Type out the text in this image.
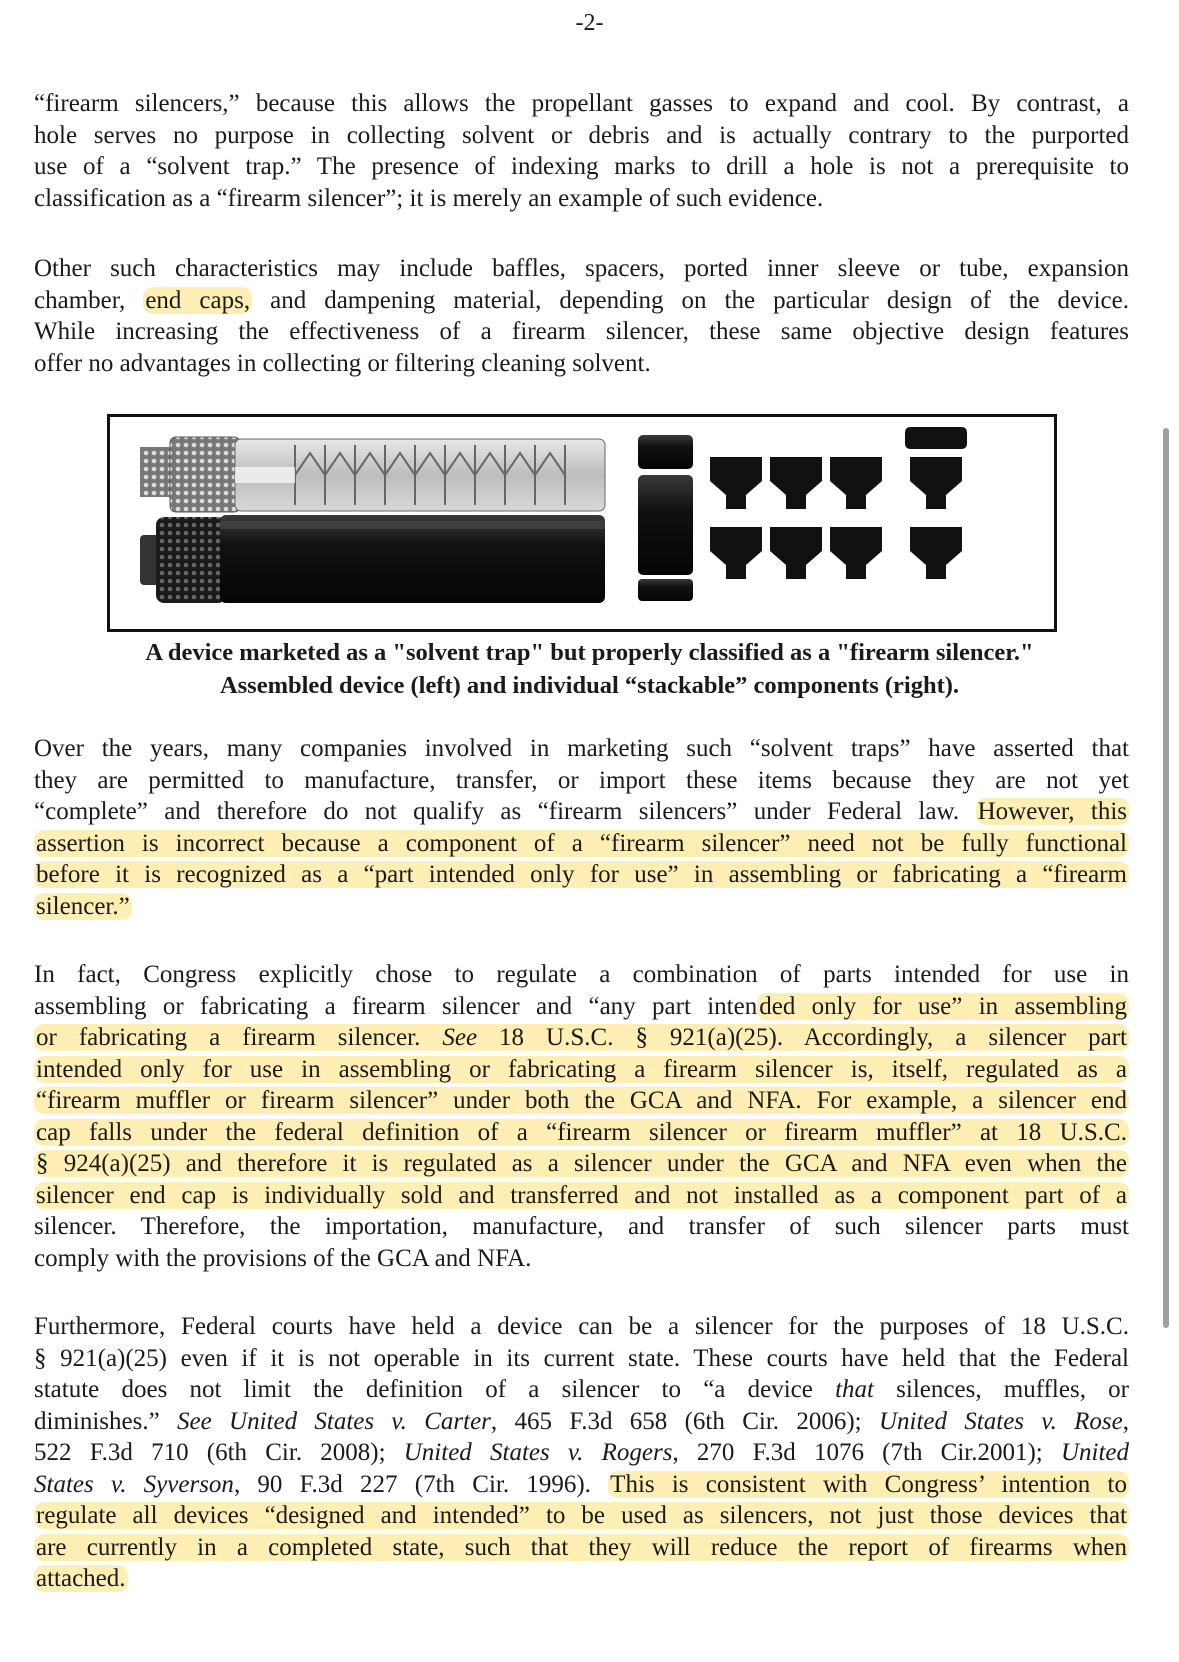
-2-
“firearm silencers,” because this allows the propellant gasses to expand and cool. By contrast, a
hole serves no purpose in collecting solvent or debris and is actually contrary to the purported
use of a “solvent trap.” The presence of indexing marks to drill a hole is not a prerequisite to
classification as a “firearm silencer”; it is merely an example of such evidence.
Other such characteristics may include baffles, spacers, ported inner sleeve or tube, expansion
chamber, end caps, and dampening material, depending on the particular design of the device.
While increasing the effectiveness of a firearm silencer, these same objective design features
offer no advantages in collecting or filtering cleaning solvent.
A device marketed as a "solvent trap" but properly classified as a "firearm silencer."
Assembled device (left) and individual “stackable” components (right).
Over the years, many companies involved in marketing such “solvent traps” have asserted that
they are permitted to manufacture, transfer, or import these items because they are not yet
“complete” and therefore do not qualify as “firearm silencers” under Federal law. However, this
assertion is incorrect because a component of a “firearm silencer” need not be fully functional
before it is recognized as a “part intended only for use” in assembling or fabricating a “firearm
silencer.”
In fact, Congress explicitly chose to regulate a combination of parts intended for use in
assembling or fabricating a firearm silencer and “any part intended only for use” in assembling
or fabricating a firearm silencer. See 18 U.S.C. § 921(a)(25). Accordingly, a silencer part
intended only for use in assembling or fabricating a firearm silencer is, itself, regulated as a
“firearm muffler or firearm silencer” under both the GCA and NFA. For example, a silencer end
cap falls under the federal definition of a “firearm silencer or firearm muffler” at 18 U.S.C.
§ 924(a)(25) and therefore it is regulated as a silencer under the GCA and NFA even when the
silencer end cap is individually sold and transferred and not installed as a component part of a
silencer. Therefore, the importation, manufacture, and transfer of such silencer parts must
comply with the provisions of the GCA and NFA.
Furthermore, Federal courts have held a device can be a silencer for the purposes of 18 U.S.C.
§ 921(a)(25) even if it is not operable in its current state. These courts have held that the Federal
statute does not limit the definition of a silencer to “a device that silences, muffles, or
diminishes.” See United States v. Carter, 465 F.3d 658 (6th Cir. 2006); United States v. Rose,
522 F.3d 710 (6th Cir. 2008); United States v. Rogers, 270 F.3d 1076 (7th Cir.2001); United
States v. Syverson, 90 F.3d 227 (7th Cir. 1996). This is consistent with Congress’ intention to
regulate all devices “designed and intended” to be used as silencers, not just those devices that
are currently in a completed state, such that they will reduce the report of firearms when
attached.
